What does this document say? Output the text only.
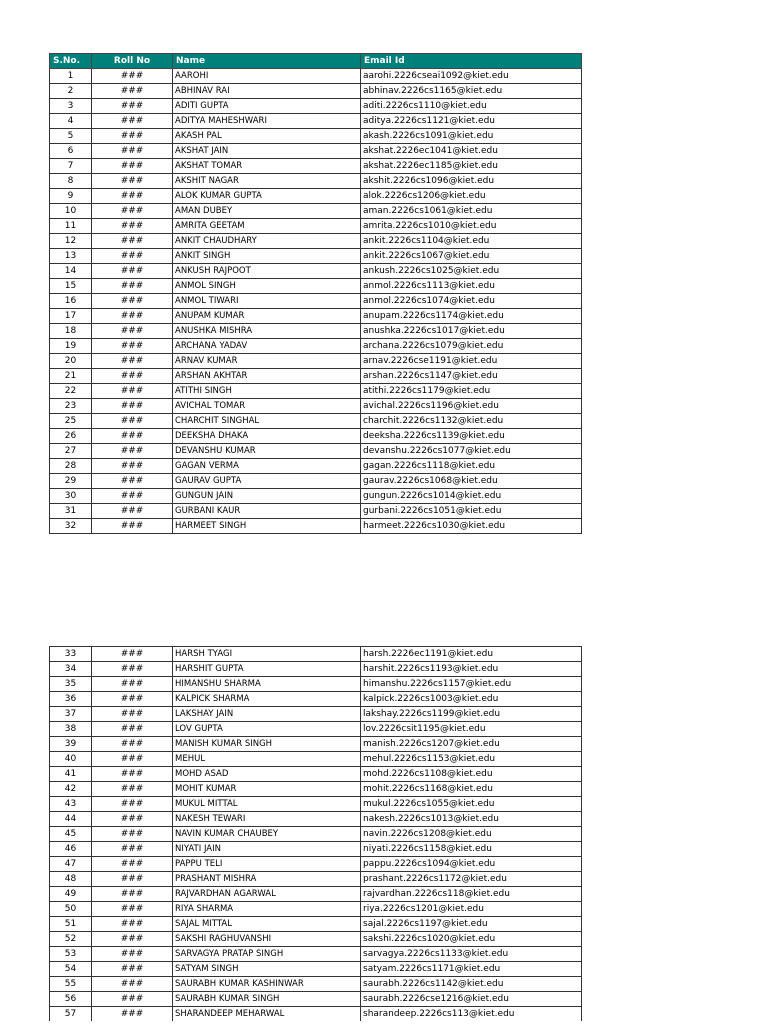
S.No.	Roll No	Name	Email Id
1	###	AAROHI	aarohi.2226cseai1092@kiet.edu
2	###	ABHINAV RAI	abhinav.2226cs1165@kiet.edu
3	###	ADITI GUPTA	aditi.2226cs1110@kiet.edu
4	###	ADITYA MAHESHWARI	aditya.2226cs1121@kiet.edu
5	###	AKASH PAL	akash.2226cs1091@kiet.edu
6	###	AKSHAT JAIN	akshat.2226ec1041@kiet.edu
7	###	AKSHAT TOMAR	akshat.2226ec1185@kiet.edu
8	###	AKSHIT NAGAR	akshit.2226cs1096@kiet.edu
9	###	ALOK KUMAR GUPTA	alok.2226cs1206@kiet.edu
10	###	AMAN DUBEY	aman.2226cs1061@kiet.edu
11	###	AMRITA GEETAM	amrita.2226cs1010@kiet.edu
12	###	ANKIT CHAUDHARY	ankit.2226cs1104@kiet.edu
13	###	ANKIT SINGH	ankit.2226cs1067@kiet.edu
14	###	ANKUSH RAJPOOT	ankush.2226cs1025@kiet.edu
15	###	ANMOL SINGH	anmol.2226cs1113@kiet.edu
16	###	ANMOL TIWARI	anmol.2226cs1074@kiet.edu
17	###	ANUPAM KUMAR	anupam.2226cs1174@kiet.edu
18	###	ANUSHKA MISHRA	anushka.2226cs1017@kiet.edu
19	###	ARCHANA YADAV	archana.2226cs1079@kiet.edu
20	###	ARNAV KUMAR	arnav.2226cse1191@kiet.edu
21	###	ARSHAN AKHTAR	arshan.2226cs1147@kiet.edu
22	###	ATITHI SINGH	atithi.2226cs1179@kiet.edu
23	###	AVICHAL TOMAR	avichal.2226cs1196@kiet.edu
25	###	CHARCHIT SINGHAL	charchit.2226cs1132@kiet.edu
26	###	DEEKSHA DHAKA	deeksha.2226cs1139@kiet.edu
27	###	DEVANSHU KUMAR	devanshu.2226cs1077@kiet.edu
28	###	GAGAN VERMA	gagan.2226cs1118@kiet.edu
29	###	GAURAV GUPTA	gaurav.2226cs1068@kiet.edu
30	###	GUNGUN JAIN	gungun.2226cs1014@kiet.edu
31	###	GURBANI KAUR	gurbani.2226cs1051@kiet.edu
32	###	HARMEET SINGH	harmeet.2226cs1030@kiet.edu
33	###	HARSH TYAGI	harsh.2226ec1191@kiet.edu
34	###	HARSHIT GUPTA	harshit.2226cs1193@kiet.edu
35	###	HIMANSHU SHARMA	himanshu.2226cs1157@kiet.edu
36	###	KALPICK SHARMA	kalpick.2226cs1003@kiet.edu
37	###	LAKSHAY JAIN	lakshay.2226cs1199@kiet.edu
38	###	LOV GUPTA	lov.2226csit1195@kiet.edu
39	###	MANISH KUMAR SINGH	manish.2226cs1207@kiet.edu
40	###	MEHUL	mehul.2226cs1153@kiet.edu
41	###	MOHD ASAD	mohd.2226cs1108@kiet.edu
42	###	MOHIT KUMAR	mohit.2226cs1168@kiet.edu
43	###	MUKUL MITTAL	mukul.2226cs1055@kiet.edu
44	###	NAKESH TEWARI	nakesh.2226cs1013@kiet.edu
45	###	NAVIN KUMAR CHAUBEY	navin.2226cs1208@kiet.edu
46	###	NIYATI JAIN	niyati.2226cs1158@kiet.edu
47	###	PAPPU TELI	pappu.2226cs1094@kiet.edu
48	###	PRASHANT MISHRA	prashant.2226cs1172@kiet.edu
49	###	RAJVARDHAN AGARWAL	rajvardhan.2226cs118@kiet.edu
50	###	RIYA SHARMA	riya.2226cs1201@kiet.edu
51	###	SAJAL MITTAL	sajal.2226cs1197@kiet.edu
52	###	SAKSHI RAGHUVANSHI	sakshi.2226cs1020@kiet.edu
53	###	SARVAGYA PRATAP SINGH	sarvagya.2226cs1133@kiet.edu
54	###	SATYAM SINGH	satyam.2226cs1171@kiet.edu
55	###	SAURABH KUMAR KASHINWAR	saurabh.2226cs1142@kiet.edu
56	###	SAURABH KUMAR SINGH	saurabh.2226cse1216@kiet.edu
57	###	SHARANDEEP MEHARWAL	sharandeep.2226cs113@kiet.edu
